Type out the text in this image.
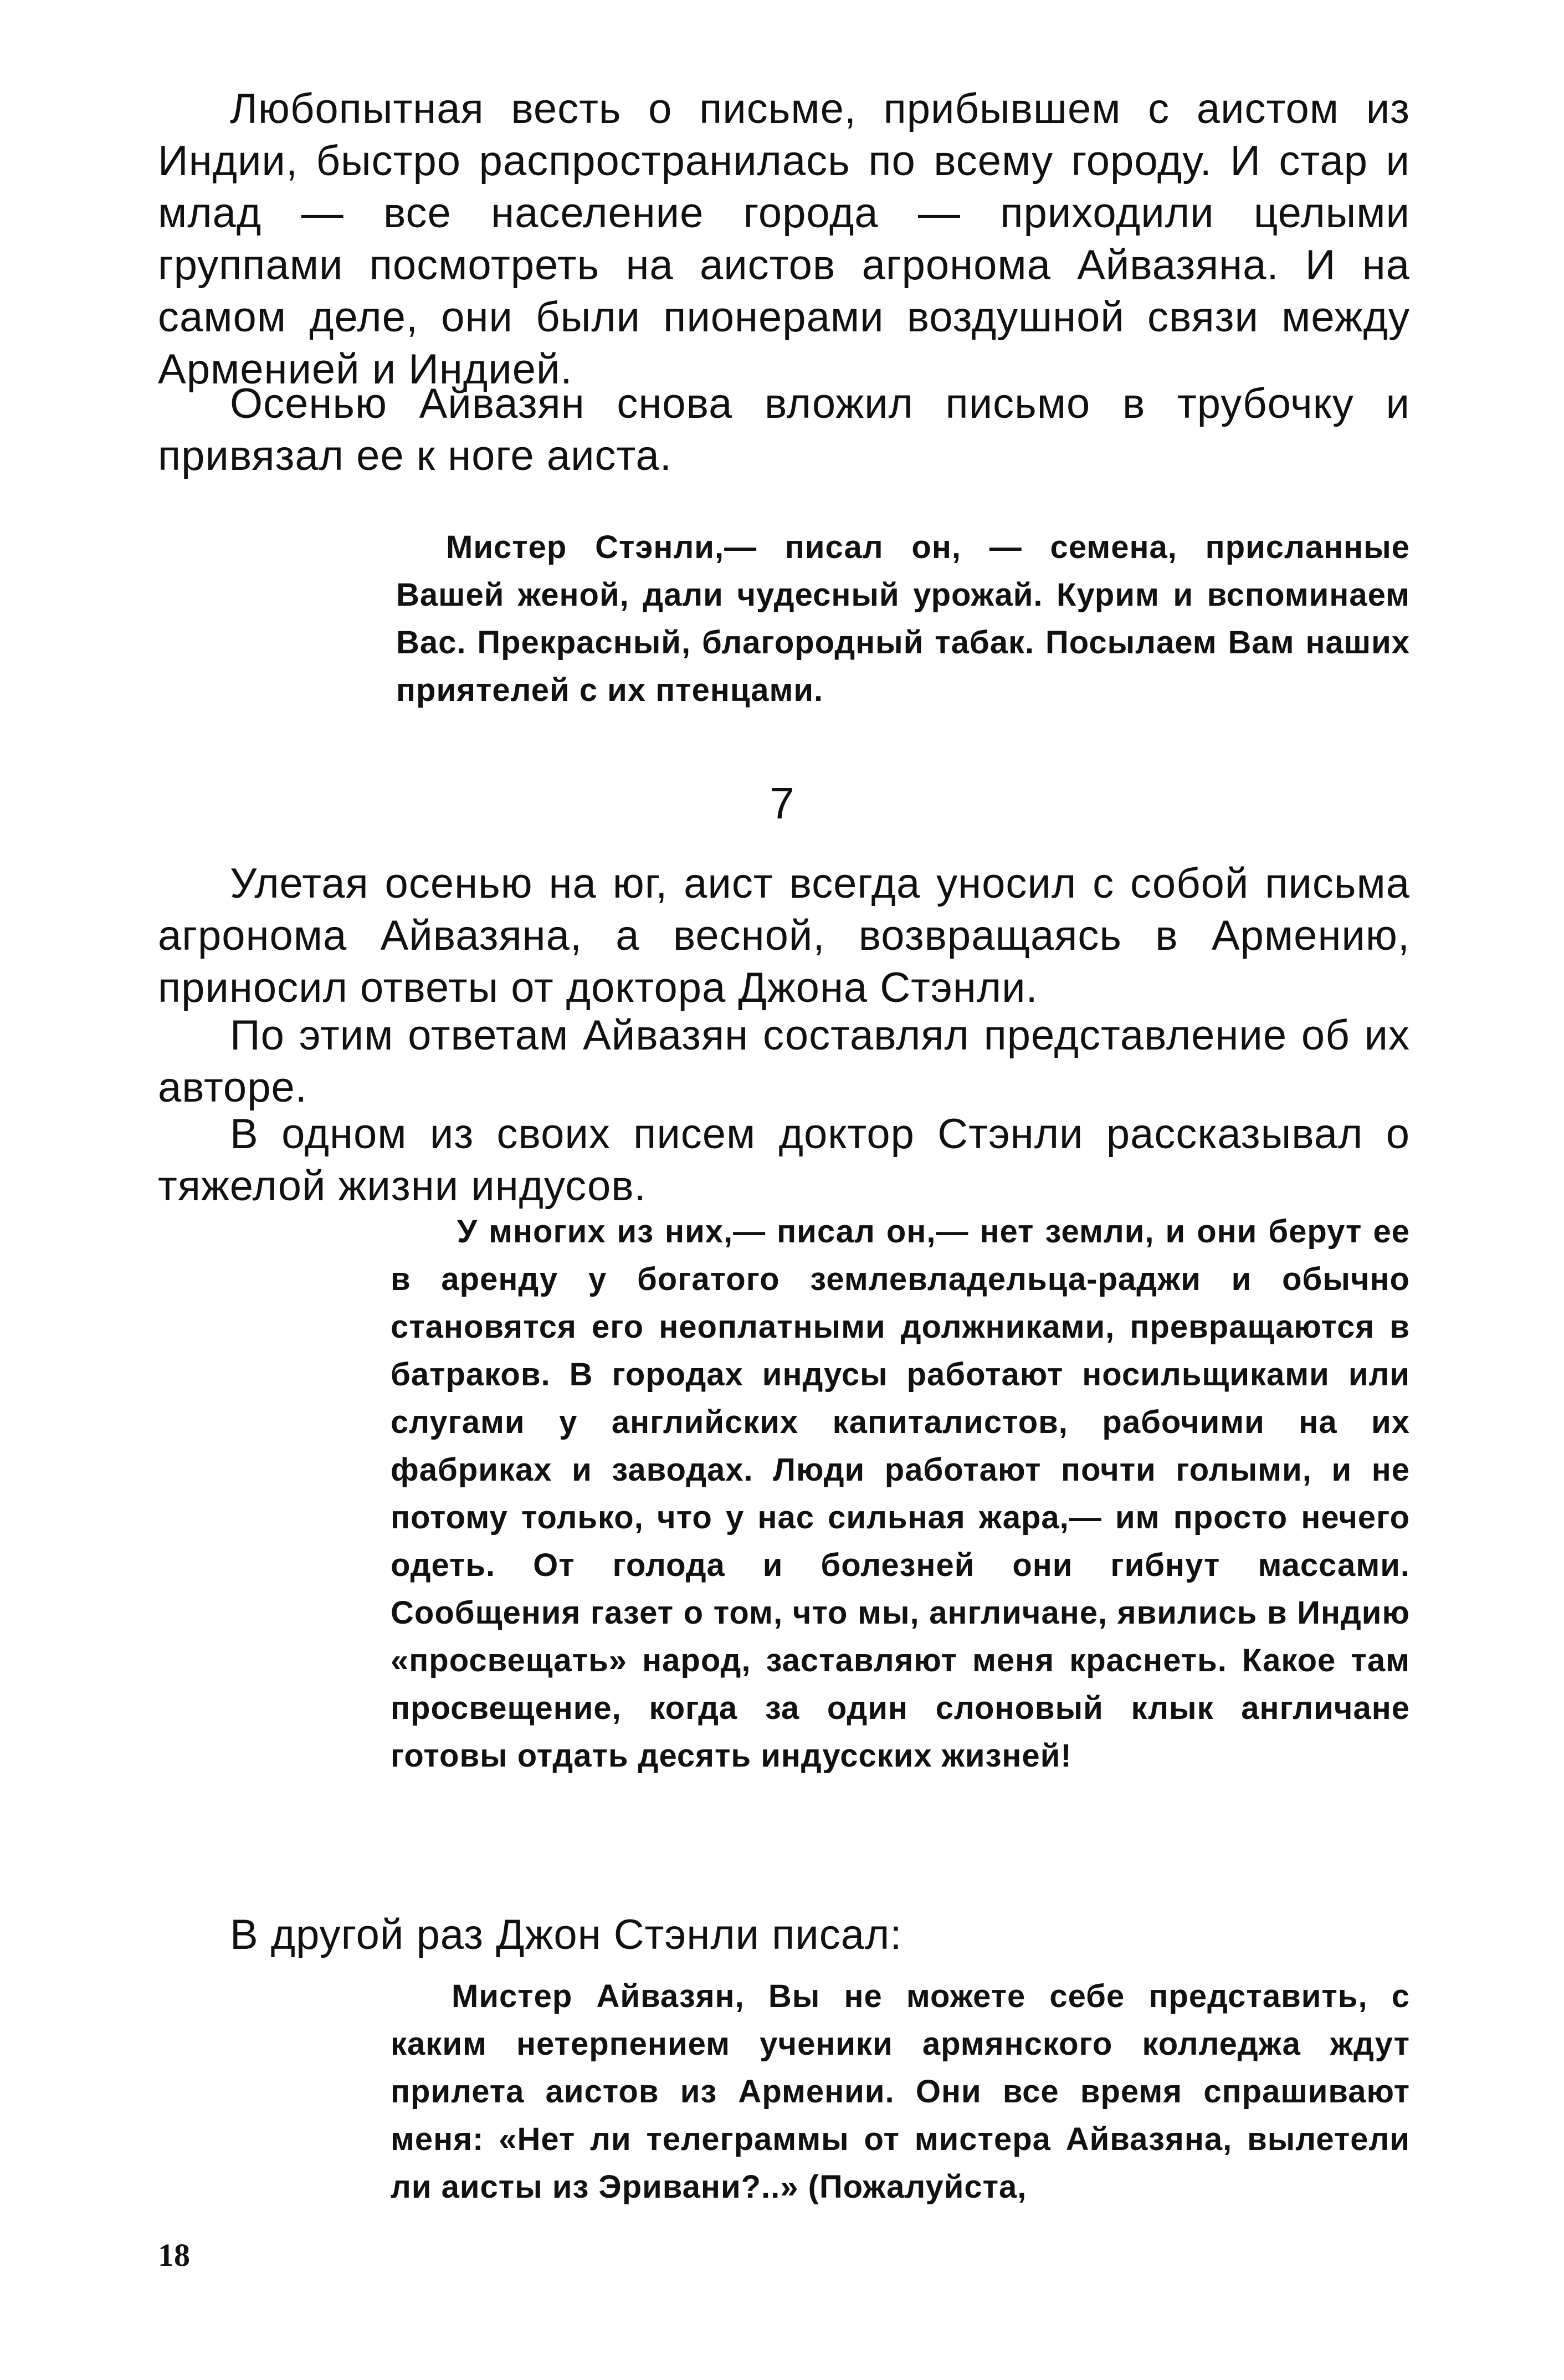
Любопытная весть о письме, прибывшем с аистом из Индии, быстро распространилась по всему городу. И стар и млад — все население города — приходили целыми группами посмотреть на аистов агронома Айвазяна. И на самом деле, они были пионерами воздушной связи между Арменией и Индией.

Осенью Айвазян снова вложил письмо в трубочку и привязал ее к ноге аиста.

Мистер Стэнли,— писал он, — семена, присланные Вашей женой, дали чудесный урожай. Курим и вспоминаем Вас. Прекрасный, благородный табак. Посылаем Вам наших приятелей с их птенцами.

7

Улетая осенью на юг, аист всегда уносил с собой письма агронома Айвазяна, а весной, возвращаясь в Армению, приносил ответы от доктора Джона Стэнли.

По этим ответам Айвазян составлял представление об их авторе.

В одном из своих писем доктор Стэнли рассказывал о тяжелой жизни индусов.

У многих из них,— писал он,— нет земли, и они берут ее в аренду у богатого землевладельца-раджи и обычно становятся его неоплатными должниками, превращаются в батраков. В городах индусы работают носильщиками или слугами у английских капиталистов, рабочими на их фабриках и заводах. Люди работают почти голыми, и не потому только, что у нас сильная жара,— им просто нечего одеть. От голода и болезней они гибнут массами. Сообщения газет о том, что мы, англичане, явились в Индию «просвещать» народ, заставляют меня краснеть. Какое там просвещение, когда за один слоновый клык англичане готовы отдать десять индусских жизней!

В другой раз Джон Стэнли писал:

Мистер Айвазян, Вы не можете себе представить, с каким нетерпением ученики армянского колледжа ждут прилета аистов из Армении. Они все время спрашивают меня: «Нет ли телеграммы от мистера Айвазяна, вылетели ли аисты из Эривани?..» (Пожалуйста,

18
